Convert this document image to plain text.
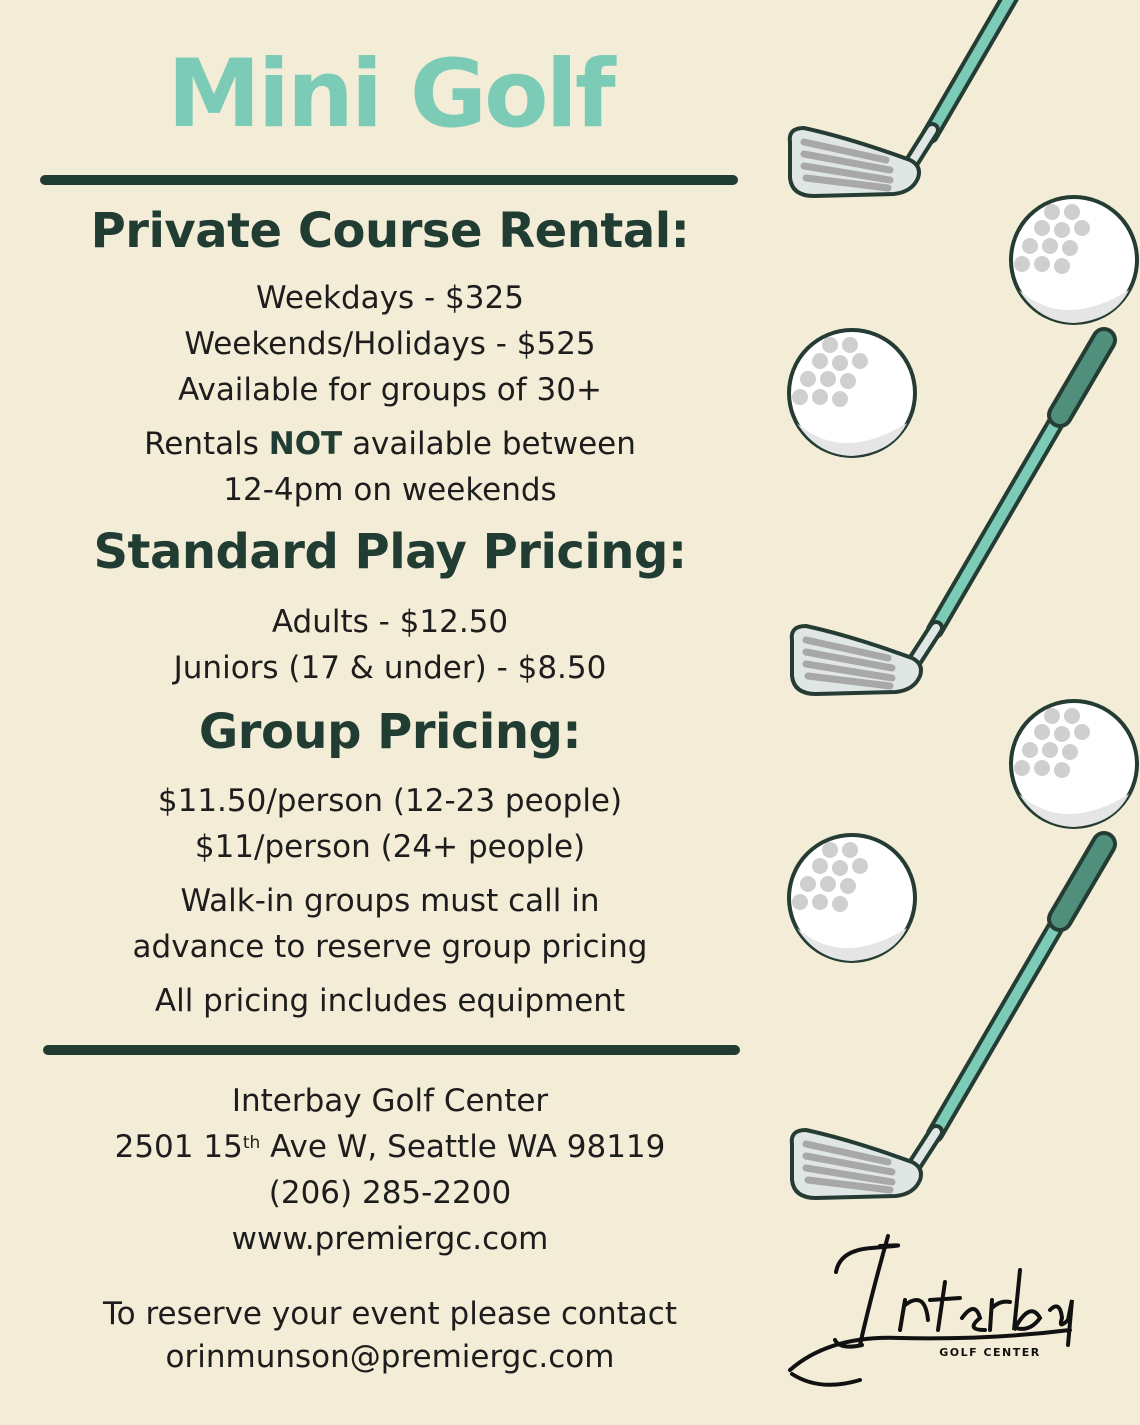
Mini Golf
Private Course Rental:
Weekdays - $325
Weekends/Holidays - $525
Available for groups of 30+
Rentals NOT available between
12-4pm on weekends
Standard Play Pricing:
Adults - $12.50
Juniors (17 & under) - $8.50
Group Pricing:
$11.50/person (12-23 people)
$11/person (24+ people)
Walk-in groups must call in
advance to reserve group pricing
All pricing includes equipment
Interbay Golf Center
2501 15th Ave W, Seattle WA 98119
(206) 285-2200
www.premiergc.com
To reserve your event please contact
orinmunson@premiergc.com	GOLF CENTER
